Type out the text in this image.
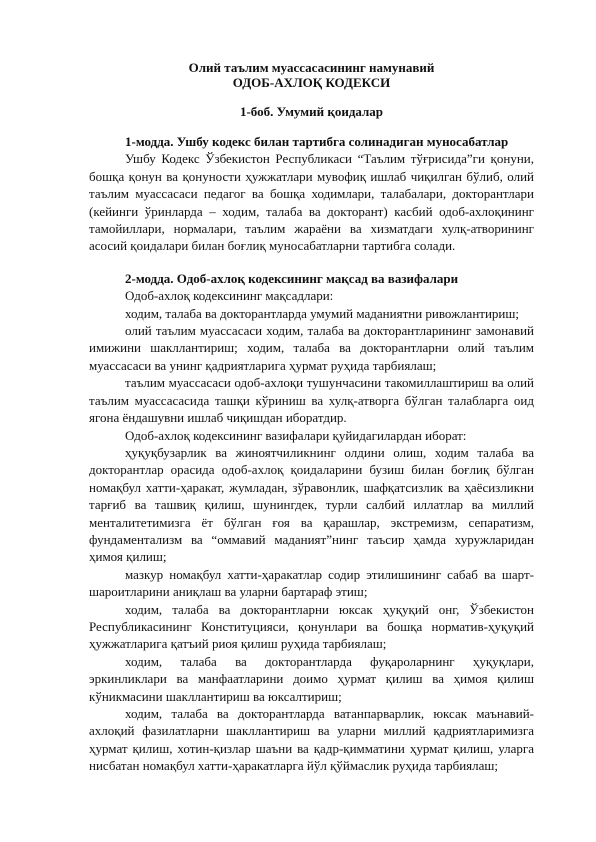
Олий таълим муассасасининг намунавий
ОДОБ-АХЛОҚ КОДЕКСИ
1-боб. Умумий қоидалар

1-модда. Ушбу кодекс билан тартибга солинадиган муносабатлар

Ушбу Кодекс Ўзбекистон Республикаси “Таълим тўғрисида”ги қонуни, бошқа қонун ва қонуности ҳужжатлари мувофиқ ишлаб чиқилган бўлиб, олий таълим муассасаси педагог ва бошқа ходимлари, талабалари, докторантлари (кейинги ўринларда – ходим, талаба ва докторант) касбий одоб-ахлоқининг тамойиллари, нормалари, таълим жараёни ва хизматдаги хулқ-атворининг асосий қоидалари билан боғлиқ муносабатларни тартибга солади.

2-модда. Одоб-ахлоқ кодексининг мақсад ва вазифалари

Одоб-ахлоқ кодексининг мақсадлари:

ходим, талаба ва докторантларда умумий маданиятни ривожлантириш;

олий таълим муассасаси ходим, талаба ва докторантларининг замонавий имижини шакллантириш; ходим, талаба ва докторантларни олий таълим муассасаси ва унинг қадриятларига ҳурмат руҳида тарбиялаш;

таълим муассасаси одоб-ахлоқи тушунчасини такомиллаштириш ва олий таълим муассасасида ташқи кўриниш ва хулқ-атворга бўлган талабларга оид ягона ёндашувни ишлаб чиқишдан иборатдир.

Одоб-ахлоқ кодексининг вазифалари қуйидагилардан иборат:

ҳуқуқбузарлик ва жиноятчиликнинг олдини олиш, ходим талаба ва докторантлар орасида одоб-ахлоқ қоидаларини бузиш билан боғлиқ бўлган номақбул хатти-ҳаракат, жумладан, зўравонлик, шафқатсизлик ва ҳаёсизликни тарғиб ва ташвиқ қилиш, шунингдек, турли салбий иллатлар ва миллий менталитетимизга ёт бўлган ғоя ва қарашлар, экстремизм, сепаратизм, фундаментализм ва “оммавий маданият”нинг таъсир ҳамда хуружларидан ҳимоя қилиш;

мазкур номақбул хатти-ҳаракатлар содир этилишининг сабаб ва шарт-шароитларини аниқлаш ва уларни бартараф этиш;

ходим, талаба ва докторантларни юксак ҳуқуқий онг, Ўзбекистон Республикасининг Конституцияси, қонунлари ва бошқа норматив-ҳуқуқий ҳужжатларига қатъий риоя қилиш руҳида тарбиялаш;

ходим, талаба ва докторантларда фуқароларнинг ҳуқуқлари, эркинликлари ва манфаатларини доимо ҳурмат қилиш ва ҳимоя қилиш кўникмасини шакллантириш ва юксалтириш;

ходим, талаба ва докторантларда ватанпарварлик, юксак маънавий-ахлоқий фазилатларни шакллантириш ва уларни миллий қадриятларимизга ҳурмат қилиш, хотин-қизлар шаъни ва қадр-қимматини ҳурмат қилиш, уларга нисбатан номақбул хатти-ҳаракатларга йўл қўймаслик руҳида тарбиялаш;
